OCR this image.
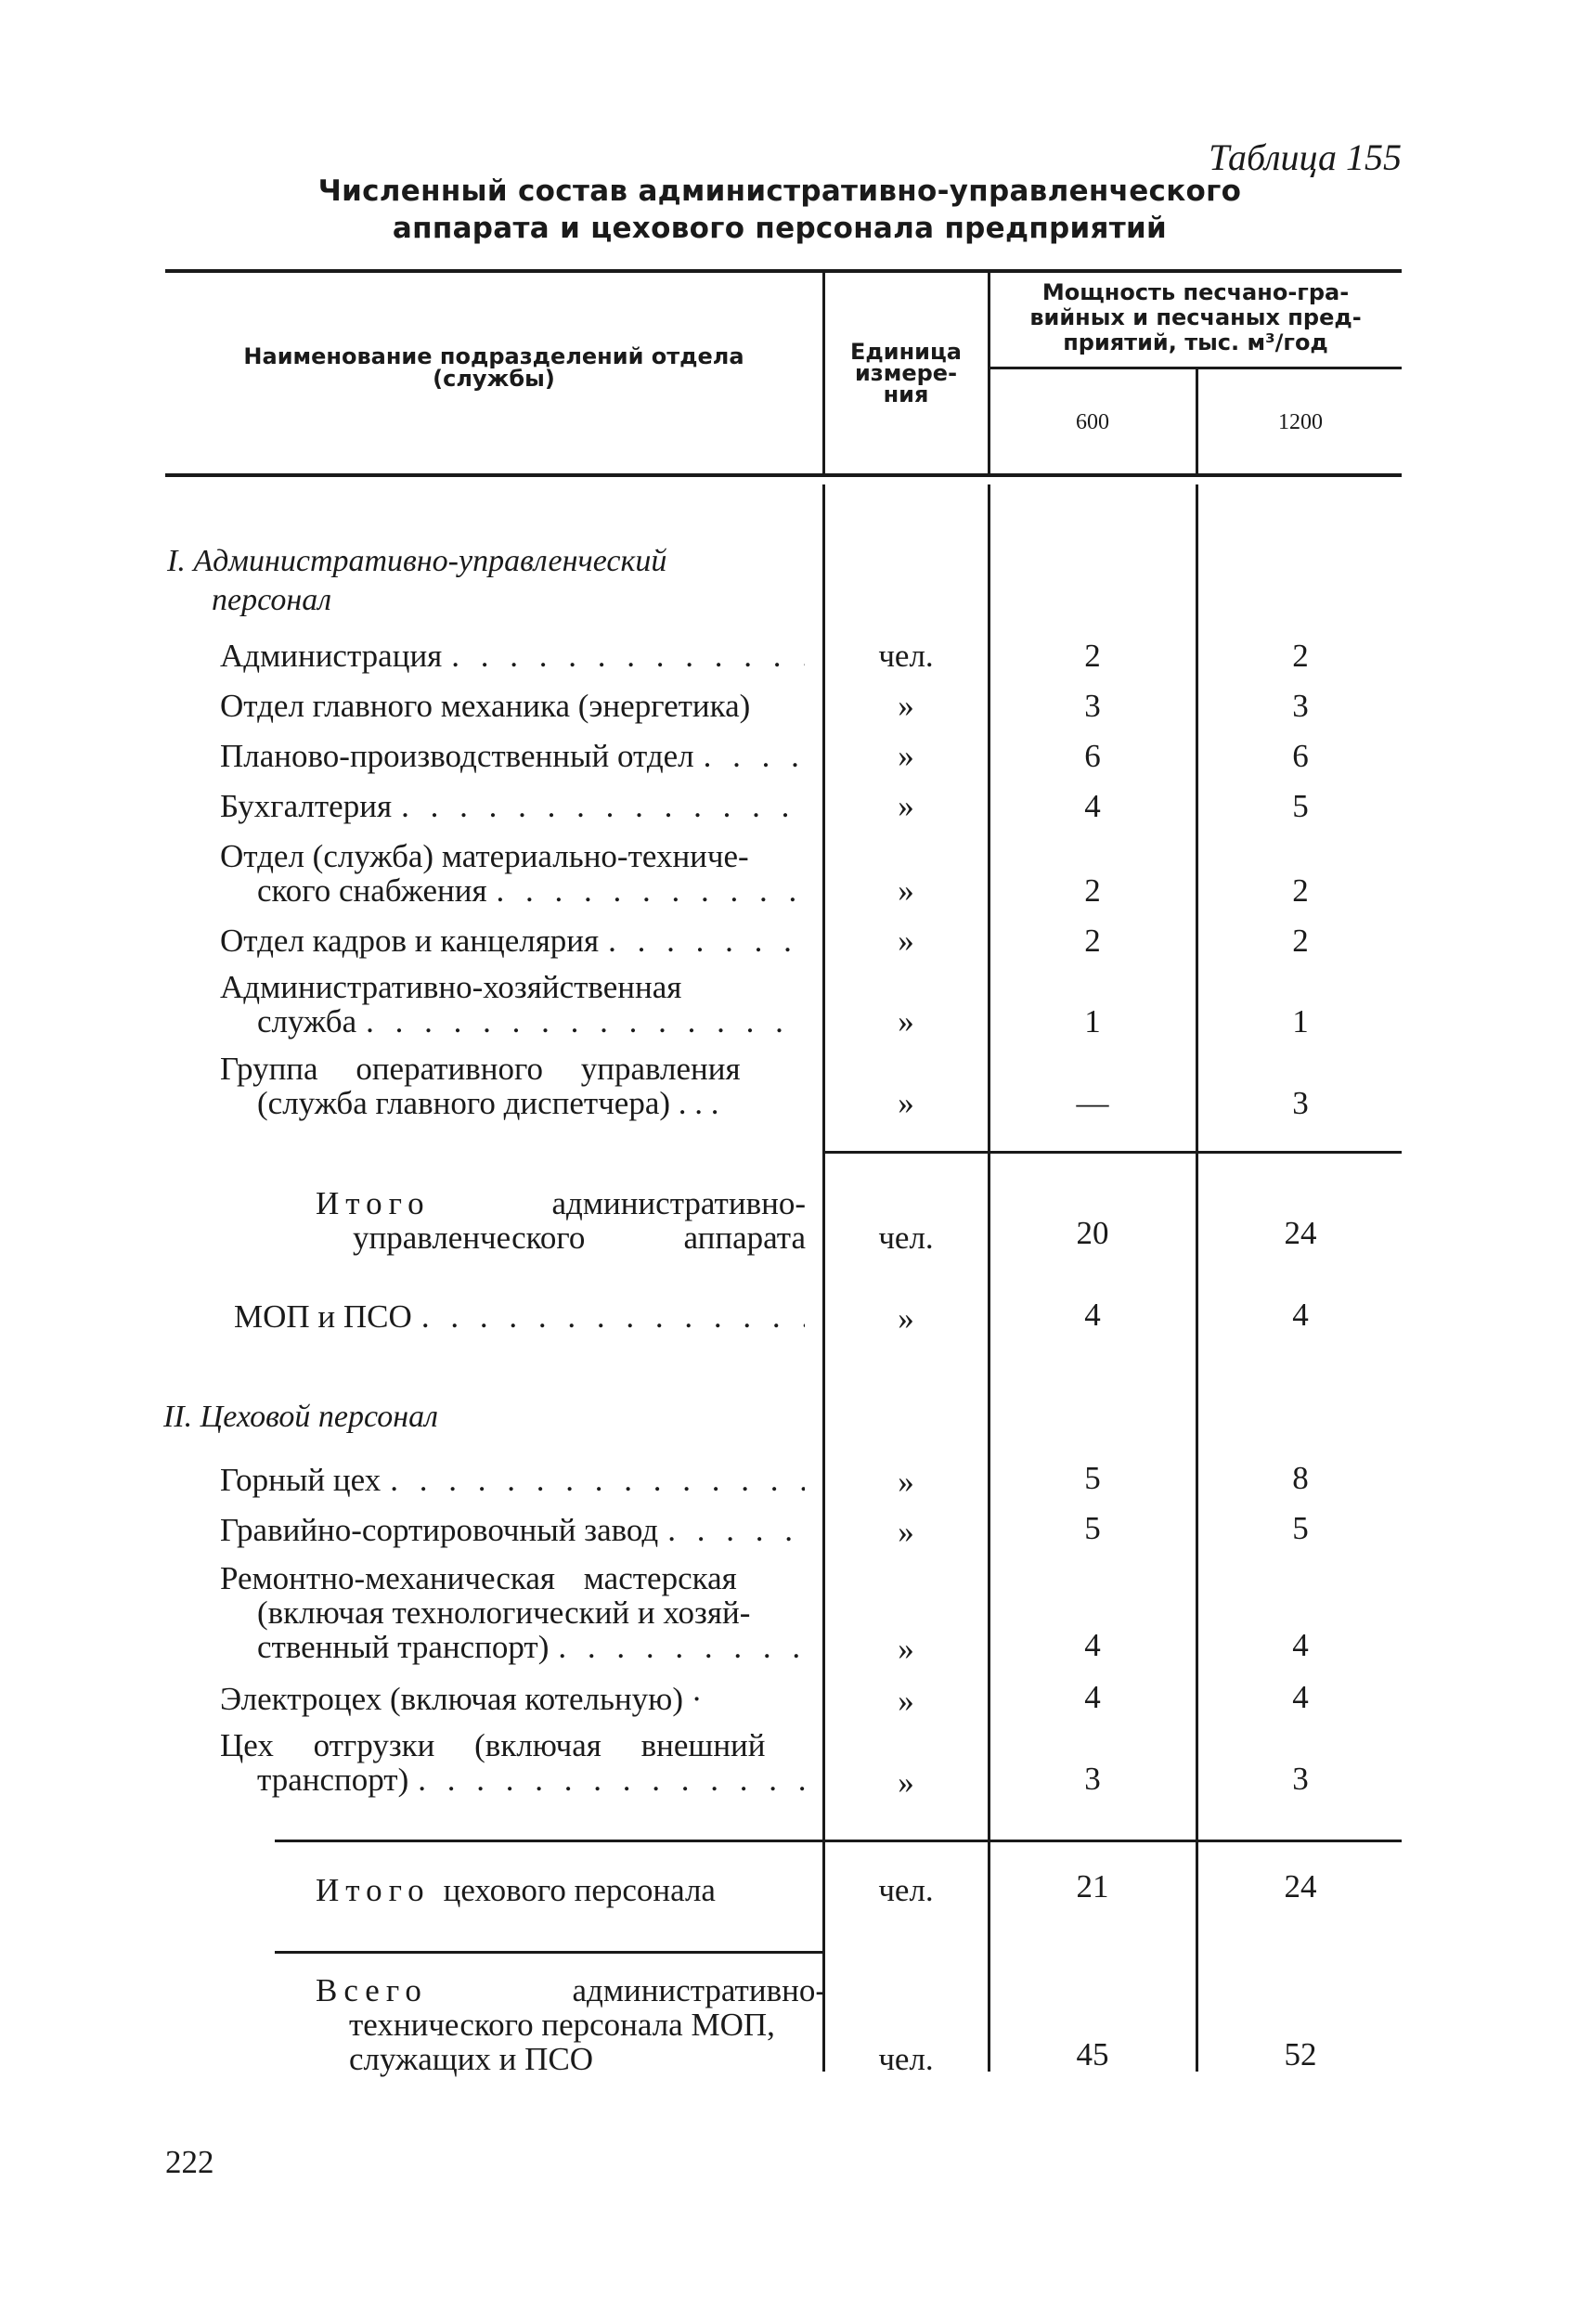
Таблица 155
Численный состав административно-управленческого
аппарата и цехового персонала предприятий
Наименование подразделений отдела
(службы)
Единица
измере-
ния
Мощность песчано-гра-
вийных и песчаных пред-
приятий, тыс. м³/год
600	1200
I. Административно-управленческий
персонал
Администрация . . .	чел.	2	2
Отдел главного механика (энергетика)	»	3	3
Планово-производственный отдел . . .	»	6	6
Бухгалтерия . . .	»	4	5
Отдел (служба) материально-техниче-
ского снабжения . . .	»	2	2
Отдел кадров и канцелярия . . .	»	2	2
Административно-хозяйственная
служба . . .	»	1	1
Группа оперативного управления
(служба главного диспетчера) . . .	»	—	3
Итого	административно-
управленческого	аппарата	чел.	20	24
МОП и ПСО . . .	»	4	4
II. Цеховой персонал
Горный цех . . .	»	5	8
Гравийно-сортировочный завод . . .	»	5	5
Ремонтно-механическая мастерская
(включая технологический и хозяй-
ственный транспорт) . . .	»	4	4
Электроцех (включая котельную) ·	»	4	4
Цех отгрузки (включая внешний
транспорт) . . .	»	3	3
Итого цехового персонала	чел.	21	24
Всего	административно-
технического персонала МОП,
служащих и ПСО	чел.	45	52
222
